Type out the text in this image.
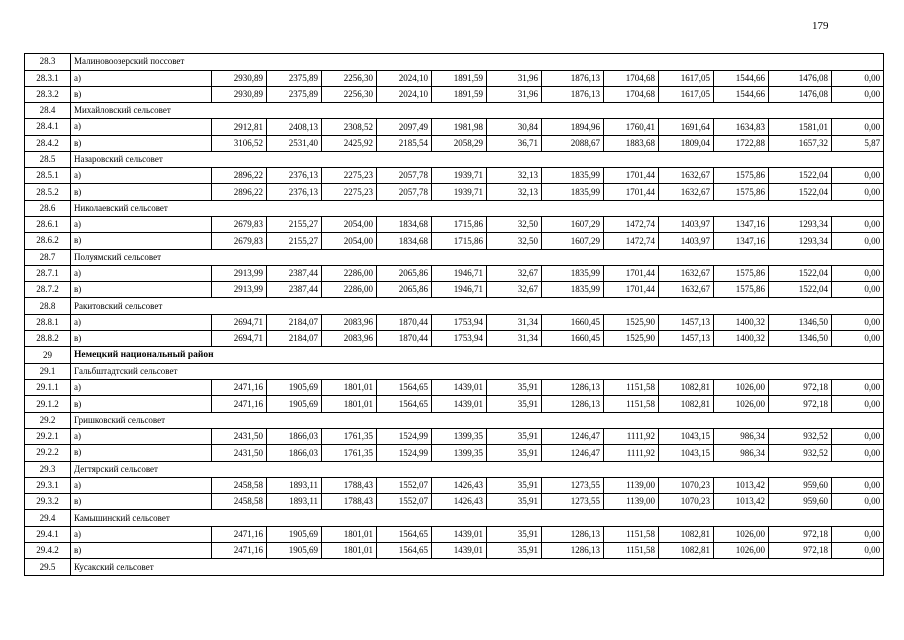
179
28.3	Малиновоозерский поссовет												
28.3.1	а)	2930,89	2375,89	2256,30	2024,10	1891,59	31,96	1876,13	1704,68	1617,05	1544,66	1476,08	0,00
28.3.2	в)	2930,89	2375,89	2256,30	2024,10	1891,59	31,96	1876,13	1704,68	1617,05	1544,66	1476,08	0,00
28.4	Михайловский сельсовет												
28.4.1	а)	2912,81	2408,13	2308,52	2097,49	1981,98	30,84	1894,96	1760,41	1691,64	1634,83	1581,01	0,00
28.4.2	в)	3106,52	2531,40	2425,92	2185,54	2058,29	36,71	2088,67	1883,68	1809,04	1722,88	1657,32	5,87
28.5	Назаровский сельсовет												
28.5.1	а)	2896,22	2376,13	2275,23	2057,78	1939,71	32,13	1835,99	1701,44	1632,67	1575,86	1522,04	0,00
28.5.2	в)	2896,22	2376,13	2275,23	2057,78	1939,71	32,13	1835,99	1701,44	1632,67	1575,86	1522,04	0,00
28.6	Николаевский сельсовет												
28.6.1	а)	2679,83	2155,27	2054,00	1834,68	1715,86	32,50	1607,29	1472,74	1403,97	1347,16	1293,34	0,00
28.6.2	в)	2679,83	2155,27	2054,00	1834,68	1715,86	32,50	1607,29	1472,74	1403,97	1347,16	1293,34	0,00
28.7	Полуямский сельсовет												
28.7.1	а)	2913,99	2387,44	2286,00	2065,86	1946,71	32,67	1835,99	1701,44	1632,67	1575,86	1522,04	0,00
28.7.2	в)	2913,99	2387,44	2286,00	2065,86	1946,71	32,67	1835,99	1701,44	1632,67	1575,86	1522,04	0,00
28.8	Ракитовский сельсовет												
28.8.1	а)	2694,71	2184,07	2083,96	1870,44	1753,94	31,34	1660,45	1525,90	1457,13	1400,32	1346,50	0,00
28.8.2	в)	2694,71	2184,07	2083,96	1870,44	1753,94	31,34	1660,45	1525,90	1457,13	1400,32	1346,50	0,00
29	Немецкий национальный район												
29.1	Гальбштадтский сельсовет												
29.1.1	а)	2471,16	1905,69	1801,01	1564,65	1439,01	35,91	1286,13	1151,58	1082,81	1026,00	972,18	0,00
29.1.2	в)	2471,16	1905,69	1801,01	1564,65	1439,01	35,91	1286,13	1151,58	1082,81	1026,00	972,18	0,00
29.2	Гришковский сельсовет												
29.2.1	а)	2431,50	1866,03	1761,35	1524,99	1399,35	35,91	1246,47	1111,92	1043,15	986,34	932,52	0,00
29.2.2	в)	2431,50	1866,03	1761,35	1524,99	1399,35	35,91	1246,47	1111,92	1043,15	986,34	932,52	0,00
29.3	Дегтярский сельсовет												
29.3.1	а)	2458,58	1893,11	1788,43	1552,07	1426,43	35,91	1273,55	1139,00	1070,23	1013,42	959,60	0,00
29.3.2	в)	2458,58	1893,11	1788,43	1552,07	1426,43	35,91	1273,55	1139,00	1070,23	1013,42	959,60	0,00
29.4	Камышинский сельсовет												
29.4.1	а)	2471,16	1905,69	1801,01	1564,65	1439,01	35,91	1286,13	1151,58	1082,81	1026,00	972,18	0,00
29.4.2	в)	2471,16	1905,69	1801,01	1564,65	1439,01	35,91	1286,13	1151,58	1082,81	1026,00	972,18	0,00
29.5	Кусакский сельсовет												
